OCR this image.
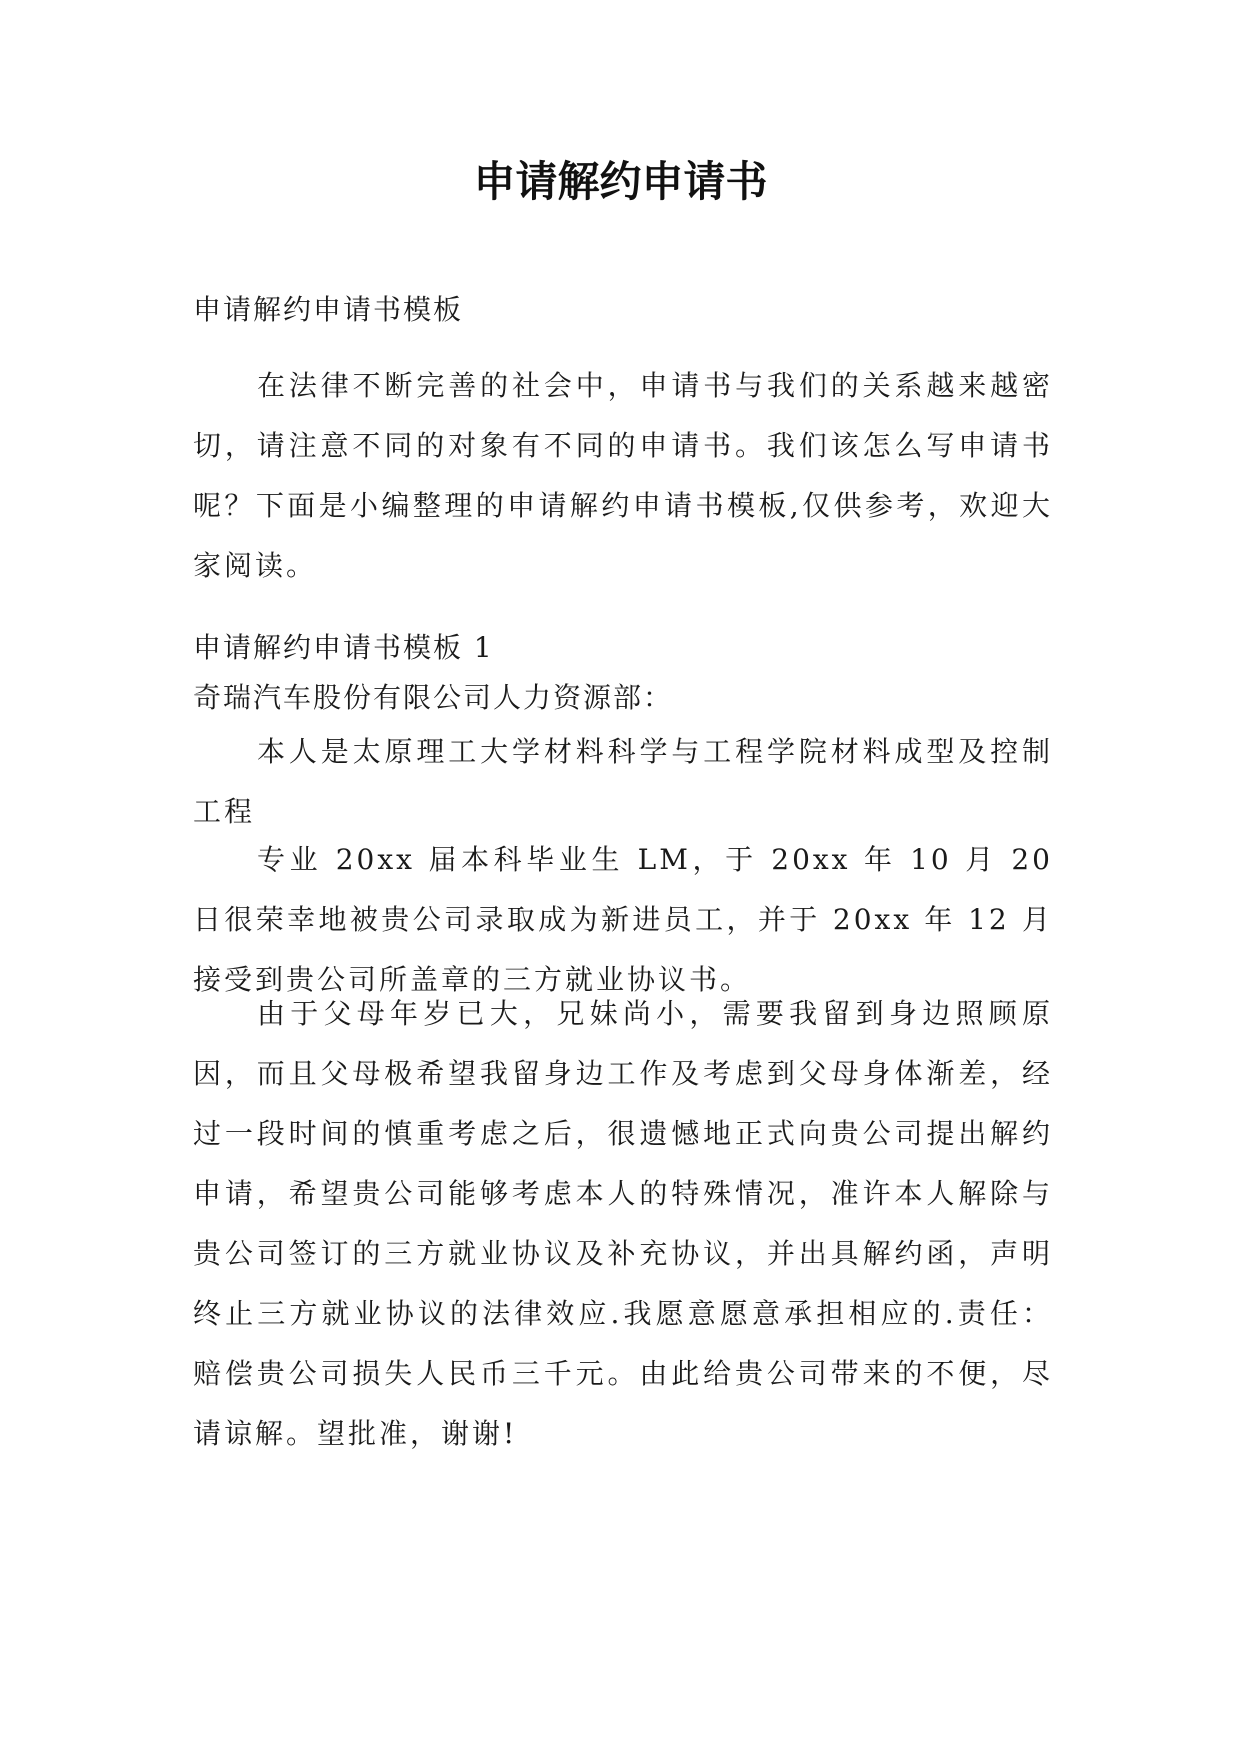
申请解约申请书

申请解约申请书模板

在法律不断完善的社会中，申请书与我们的关系越来越密切，请注意不同的对象有不同的申请书。我们该怎么写申请书呢？下面是小编整理的申请解约申请书模板,仅供参考，欢迎大家阅读。

申请解约申请书模板 1

奇瑞汽车股份有限公司人力资源部：

本人是太原理工大学材料科学与工程学院材料成型及控制工程

专业 20xx 届本科毕业生 LM，于 20xx 年 10 月 20 日很荣幸地被贵公司录取成为新进员工，并于 20xx 年 12 月接受到贵公司所盖章的三方就业协议书。

由于父母年岁已大，兄妹尚小，需要我留到身边照顾原因，而且父母极希望我留身边工作及考虑到父母身体渐差，经过一段时间的慎重考虑之后，很遗憾地正式向贵公司提出解约申请，希望贵公司能够考虑本人的特殊情况，准许本人解除与贵公司签订的三方就业协议及补充协议，并出具解约函，声明终止三方就业协议的法律效应.我愿意愿意承担相应的.责任：赔偿贵公司损失人民币三千元。由此给贵公司带来的不便，尽请谅解。望批准，谢谢!
